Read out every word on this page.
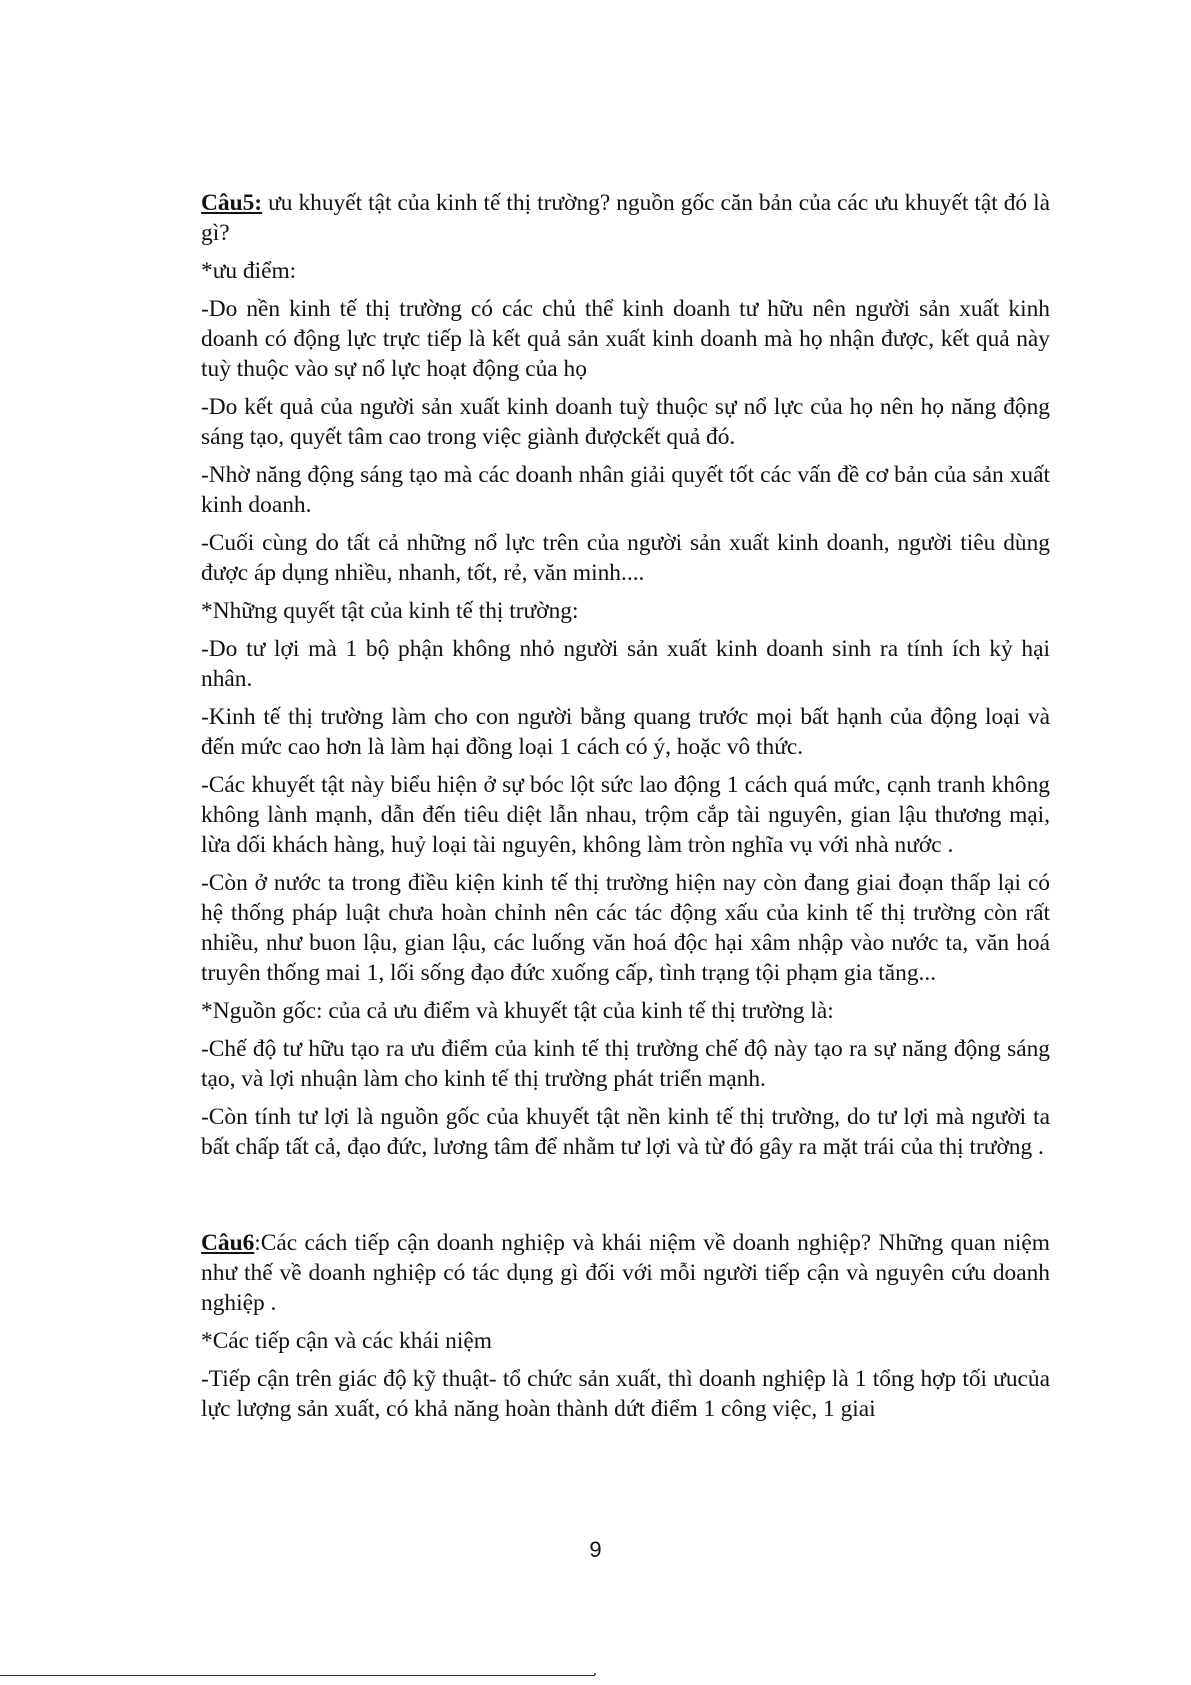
Câu5: ưu khuyết tật của kinh tế thị trường? nguồn gốc căn bản của các ưu khuyết tật đó là gì?

*ưu điểm:

-Do nền kinh tế thị trường có các chủ thể kinh doanh tư hữu nên người sản xuất kinh doanh có động lực trực tiếp là kết quả sản xuất kinh doanh mà họ nhận được, kết quả này tuỳ thuộc vào sự nổ lực hoạt động của họ

-Do kết quả của người sản xuất kinh doanh tuỳ thuộc sự nổ lực của họ nên họ năng động sáng tạo, quyết tâm cao trong việc giành đượckết quả đó.

-Nhờ năng động sáng tạo mà các doanh nhân giải quyết tốt các vấn đề cơ bản của sản xuất kinh doanh.

-Cuối cùng do tất cả những nổ lực trên của người sản xuất kinh doanh, người tiêu dùng được áp dụng nhiều, nhanh, tốt, rẻ, văn minh....

*Những quyết tật của kinh tế thị trường:

-Do tư lợi mà 1 bộ phận không nhỏ người sản xuất kinh doanh sinh ra tính ích kỷ hại nhân.

-Kinh tế thị trường làm cho con người bằng quang trước mọi bất hạnh của động loại và đến mức cao hơn là làm hại đồng loại 1 cách có ý, hoặc vô thức.

-Các khuyết tật này biểu hiện ở sự bóc lột sức lao động 1 cách quá mức, cạnh tranh không không lành mạnh, dẫn đến tiêu diệt lẫn nhau, trộm cắp tài nguyên, gian lậu thương mại, lừa dối khách hàng, huỷ loại tài nguyên, không làm tròn nghĩa vụ với nhà nước .

-Còn ở nước ta trong điều kiện kinh tế thị trường hiện nay còn đang giai đoạn thấp lại có hệ thống pháp luật chưa hoàn chỉnh nên các tác động xấu của kinh tế thị trường còn rất nhiều, như buon lậu, gian lậu, các luống văn hoá độc hại xâm nhập vào nước ta, văn hoá truyên thống mai 1, lối sống đạo đức xuống cấp, tình trạng tội phạm gia tăng...

*Nguồn gốc: của cả ưu điểm và khuyết tật của kinh tế thị trường là:

-Chế độ tư hữu tạo ra ưu điểm của kinh tế thị trường chế độ này tạo ra sự năng động sáng tạo, và lợi nhuận làm cho kinh tế thị trường phát triển mạnh.

-Còn tính tư lợi là nguồn gốc của khuyết tật nền kinh tế thị trường, do tư lợi mà người ta bất chấp tất cả, đạo đức, lương tâm để nhằm tư lợi và từ đó gây ra mặt trái của thị trường .

Câu6:Các cách tiếp cận doanh nghiệp và khái niệm về doanh nghiệp? Những quan niệm như thế về doanh nghiệp có tác dụng gì đối với mỗi người tiếp cận và nguyên cứu doanh nghiệp .

*Các tiếp cận và các khái niệm

-Tiếp cận trên giác độ kỹ thuật- tổ chức sản xuất, thì doanh nghiệp là 1 tổng hợp tối ưucủa lực lượng sản xuất, có khả năng hoàn thành dứt điểm 1 công việc, 1 giai

9
